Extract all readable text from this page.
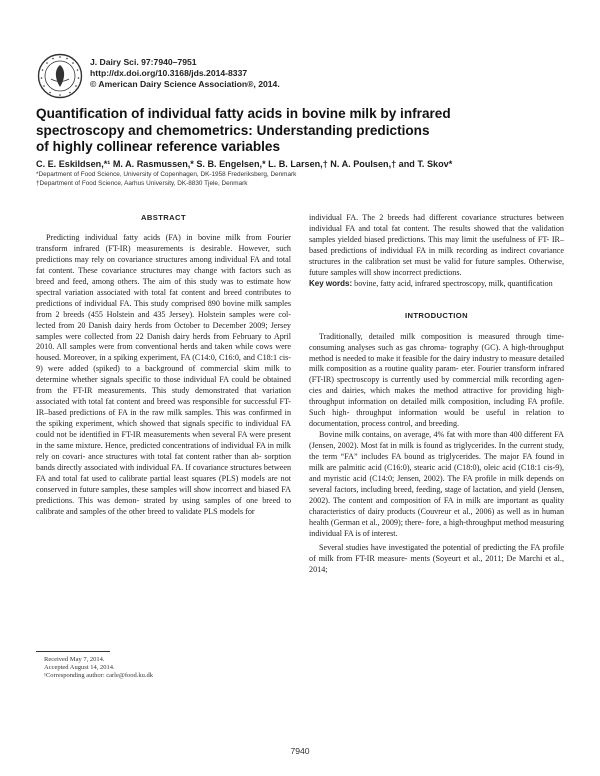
J. Dairy Sci. 97:7940–7951
http://dx.doi.org/10.3168/jds.2014-8337
© American Dairy Science Association®, 2014.
Quantification of individual fatty acids in bovine milk by infrared
spectroscopy and chemometrics: Understanding predictions
of highly collinear reference variables
C. E. Eskildsen,*¹ M. A. Rasmussen,* S. B. Engelsen,* L. B. Larsen,† N. A. Poulsen,† and T. Skov*
*Department of Food Science, University of Copenhagen, DK-1958 Frederiksberg, Denmark
†Department of Food Science, Aarhus University, DK-8830 Tjele, Denmark
ABSTRACT
Predicting individual fatty acids (FA) in bovine milk from Fourier transform infrared (FT-IR) measurements is desirable. However, such predictions may rely on covariance structures among individual FA and total fat content. These covariance structures may change with factors such as breed and feed, among others. The aim of this study was to estimate how spectral variation associated with total fat content and breed contributes to predictions of individual FA. This study comprised 890 bovine milk samples from 2 breeds (455 Holstein and 435 Jersey). Holstein samples were col- lected from 20 Danish dairy herds from October to December 2009; Jersey samples were collected from 22 Danish dairy herds from February to April 2010. All samples were from conventional herds and taken while cows were housed. Moreover, in a spiking experiment, FA (C14:0, C16:0, and C18:1 cis-9) were added (spiked) to a background of commercial skim milk to determine whether signals specific to those individual FA could be obtained from the FT-IR measurements. This study demonstrated that variation associated with total fat content and breed was responsible for successful FT- IR–based predictions of FA in the raw milk samples. This was confirmed in the spiking experiment, which showed that signals specific to individual FA could not be identified in FT-IR measurements when several FA were present in the same mixture. Hence, predicted concentrations of individual FA in milk rely on covari- ance structures with total fat content rather than ab- sorption bands directly associated with individual FA. If covariance structures between FA and total fat used to calibrate partial least squares (PLS) models are not conserved in future samples, these samples will show incorrect and biased FA predictions. This was demon- strated by using samples of one breed to calibrate and samples of the other breed to validate PLS models for
individual FA. The 2 breeds had different covariance structures between individual FA and total fat content. The results showed that the validation samples yielded biased predictions. This may limit the usefulness of FT- IR–based predictions of individual FA in milk recording as indirect covariance structures in the calibration set must be valid for future samples. Otherwise, future samples will show incorrect predictions.
Key words: bovine, fatty acid, infrared spectroscopy, milk, quantification
INTRODUCTION
Traditionally, detailed milk composition is measured through time-consuming analyses such as gas chroma- tography (GC). A high-throughput method is needed to make it feasible for the dairy industry to measure detailed milk composition as a routine quality param- eter. Fourier transform infrared (FT-IR) spectroscopy is currently used by commercial milk recording agen- cies and dairies, which makes the method attractive for providing high-throughput information on detailed milk composition, including FA profile. Such high- throughput information would be useful in relation to documentation, process control, and breeding.
Bovine milk contains, on average, 4% fat with more than 400 different FA (Jensen, 2002). Most fat in milk is found as triglycerides. In the current study, the term “FA” includes FA bound as triglycerides. The major FA found in milk are palmitic acid (C16:0), stearic acid (C18:0), oleic acid (C18:1 cis-9), and myristic acid (C14:0; Jensen, 2002). The FA profile in milk depends on several factors, including breed, feeding, stage of lactation, and yield (Jensen, 2002). The content and composition of FA in milk are important as quality characteristics of dairy products (Couvreur et al., 2006) as well as in human health (German et al., 2009); there- fore, a high-throughput method measuring individual FA is of interest.
Several studies have investigated the potential of predicting the FA profile of milk from FT-IR measure- ments (Soyeurt et al., 2011; De Marchi et al., 2014;
Received May 7, 2014.
Accepted August 14, 2014.
¹Corresponding author: carle@food.ku.dk
7940
